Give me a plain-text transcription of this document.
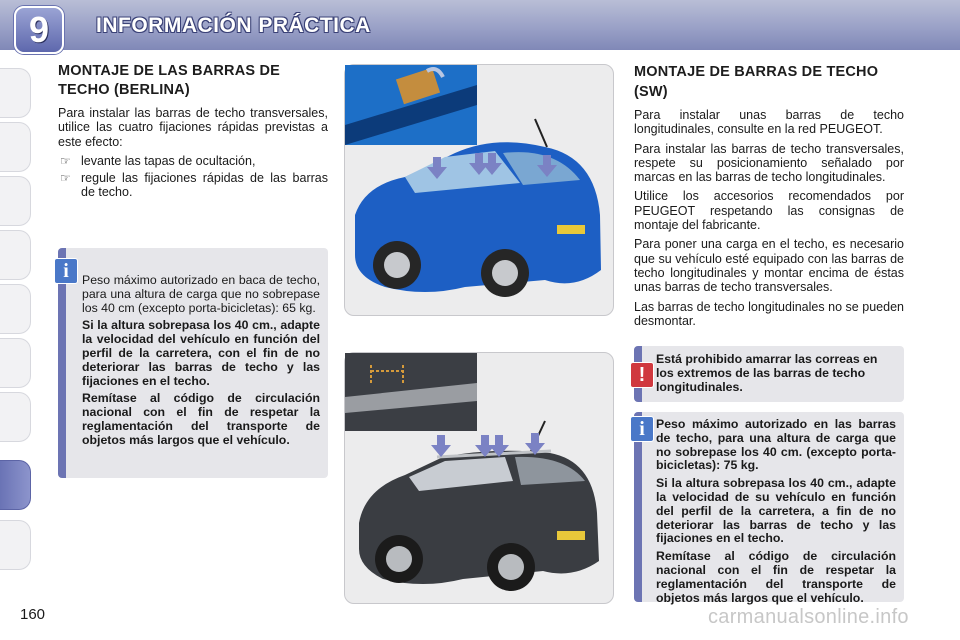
9	INFORMACIÓN PRÁCTICA
MONTAJE DE LAS BARRAS DE TECHO (BERLINA)

Para instalar las barras de techo transversales, utilice las cuatro fijaciones rápidas previstas a este efecto:

☞ levante las tapas de ocultación,
☞ regule las fijaciones rápidas de las barras de techo.

Peso máximo autorizado en baca de techo, para una altura de carga que no sobrepase los 40 cm (excepto porta-bicicletas): 65 kg.

Si la altura sobrepasa los 40 cm., adapte la velocidad del vehículo en función del perfil de la carretera, con el fin de no deteriorar las barras de techo y las fijaciones en el techo.

Remítase al código de circulación nacional con el fin de respetar la reglamentación del transporte de objetos más largos que el vehículo.

i
MONTAJE DE BARRAS DE TECHO (SW)

Para instalar unas barras de techo longitudinales, consulte en la red PEUGEOT.

Para instalar las barras de techo transversales, respete su posicionamiento señalado por marcas en las barras de techo longitudinales.

Utilice los accesorios recomendados por PEUGEOT respetando las consignas de montaje del fabricante.

Para poner una carga en el techo, es necesario que su vehículo esté equipado con las barras de techo longitudinales y montar encima de éstas unas barras de techo transversales.

Las barras de techo longitudinales no se pueden desmontar.

Está prohibido amarrar las correas en los extremos de las barras de techo longitudinales.
!

Peso máximo autorizado en las barras de techo, para una altura de carga que no sobrepase los 40 cm. (excepto porta-bicicletas): 75 kg.

Si la altura sobrepasa los 40 cm., adapte la velocidad de su vehículo en función del perfil de la carretera, a fin de no deteriorar las barras de techo y las fijaciones en el techo.

Remítase al código de circulación nacional con el fin de respetar la reglamentación del transporte de objetos más largos que el vehículo.

i
160	carmanualsonline.info
